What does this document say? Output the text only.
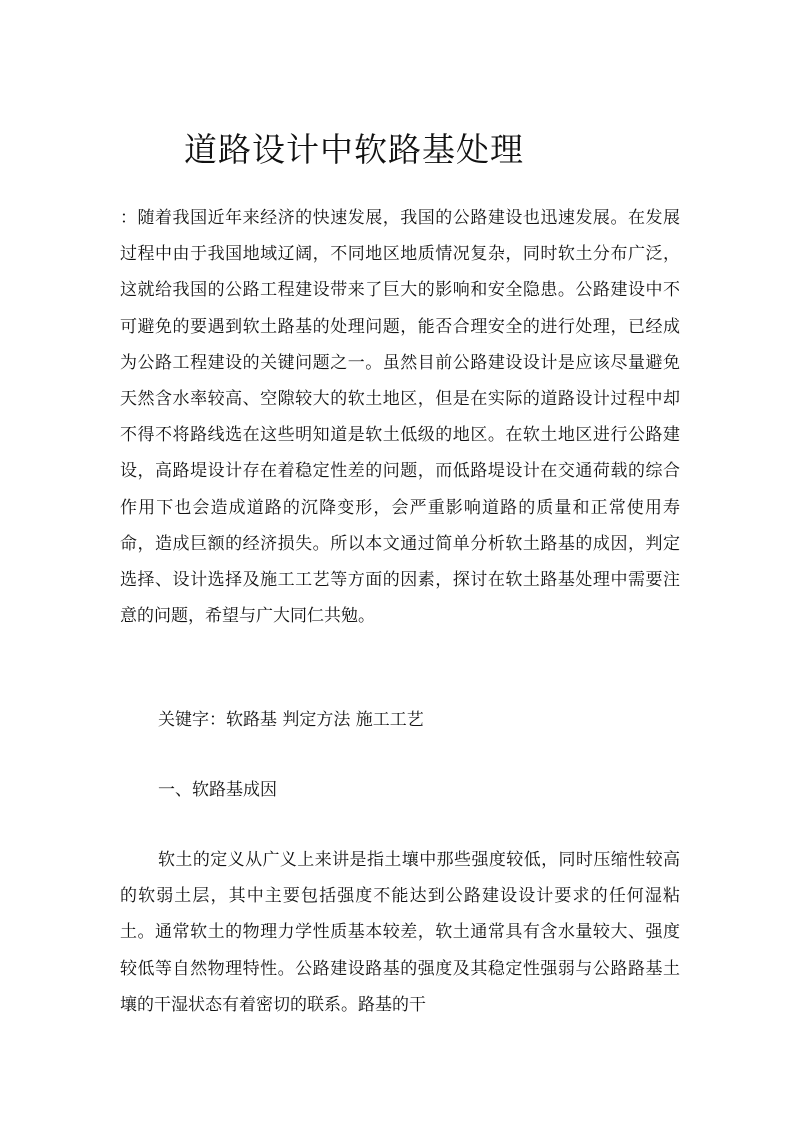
道路设计中软路基处理

：随着我国近年来经济的快速发展，我国的公路建设也迅速发展。在发展过程中由于我国地域辽阔，不同地区地质情况复杂，同时软土分布广泛，这就给我国的公路工程建设带来了巨大的影响和安全隐患。公路建设中不可避免的要遇到软土路基的处理问题，能否合理安全的进行处理，已经成为公路工程建设的关键问题之一。虽然目前公路建设设计是应该尽量避免天然含水率较高、空隙较大的软土地区，但是在实际的道路设计过程中却不得不将路线选在这些明知道是软土低级的地区。在软土地区进行公路建设，高路堤设计存在着稳定性差的问题，而低路堤设计在交通荷载的综合作用下也会造成道路的沉降变形，会严重影响道路的质量和正常使用寿命，造成巨额的经济损失。所以本文通过简单分析软土路基的成因，判定选择、设计选择及施工工艺等方面的因素，探讨在软土路基处理中需要注意的问题，希望与广大同仁共勉。

关键字：软路基 判定方法 施工工艺

一、软路基成因

软土的定义从广义上来讲是指土壤中那些强度较低，同时压缩性较高的软弱土层，其中主要包括强度不能达到公路建设设计要求的任何湿粘土。通常软土的物理力学性质基本较差，软土通常具有含水量较大、强度较低等自然物理特性。公路建设路基的强度及其稳定性强弱与公路路基土壤的干湿状态有着密切的联系。路基的干
